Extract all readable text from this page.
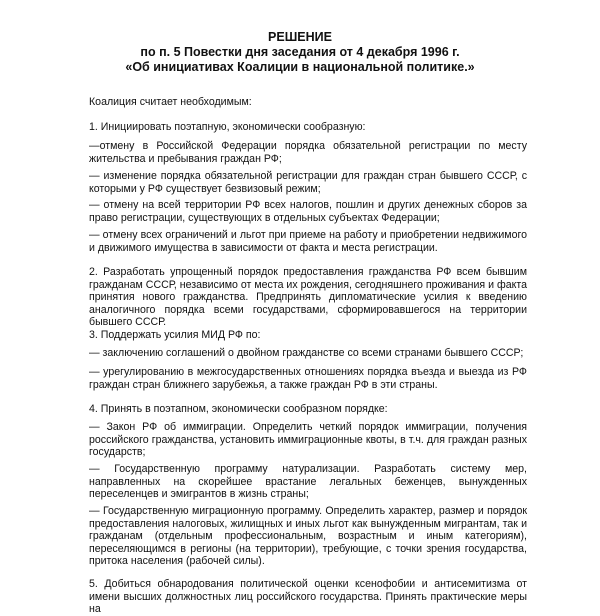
РЕШЕНИЕ
по п. 5 Повестки дня заседания от 4 декабря 1996 г.
«Об инициативах Коалиции в национальной политике.»
Коалиция считает необходимым:
1. Инициировать поэтапную, экономически сообразную:
—отмену в Российской Федерации порядка обязательной регистрации по месту жительства и пребывания граждан РФ;
— изменение порядка обязательной регистрации для граждан стран бывшего СССР, с которыми у РФ существует безвизовый режим;
— отмену на всей территории РФ всех налогов, пошлин и других денежных сборов за право регистрации, существующих в отдельных субъектах Федерации;
— отмену всех ограничений и льгот при приеме на работу и приобретении недвижимого и движимого имущества в зависимости от факта и места регистрации.
2. Разработать упрощенный порядок предоставления гражданства РФ всем бывшим гражданам СССР, независимо от места их рождения, сегодняшнего проживания и факта принятия нового гражданства. Предпринять дипломатические усилия к введению аналогичного порядка всеми государствами, сформировавшегося на территории бывшего СССР.
3. Поддержать усилия МИД РФ по:
— заключению соглашений о двойном гражданстве со всеми странами бывшего СССР;
— урегулированию в межгосударственных отношениях порядка въезда и выезда из РФ граждан стран ближнего зарубежья, а также граждан РФ в эти страны.
4. Принять в поэтапном, экономически сообразном порядке:
— Закон РФ об иммиграции. Определить четкий порядок иммиграции, получения российского гражданства, установить иммиграционные квоты, в т.ч. для граждан разных государств;
— Государственную программу натурализации. Разработать систему мер, направленных на скорейшее врастание легальных беженцев, вынужденных переселенцев и эмигрантов в жизнь страны;
— Государственную миграционную программу. Определить характер, размер и порядок предоставления налоговых, жилищных и иных льгот как вынужденным мигрантам, так и гражданам (отдельным профессиональным, возрастным и иным категориям), переселяющимся в регионы (на территории), требующие, с точки зрения государства, притока населения (рабочей силы).
5. Добиться обнародования политической оценки ксенофобии и антисемитизма от имени высших должностных лиц российского государства. Принять практические меры на
